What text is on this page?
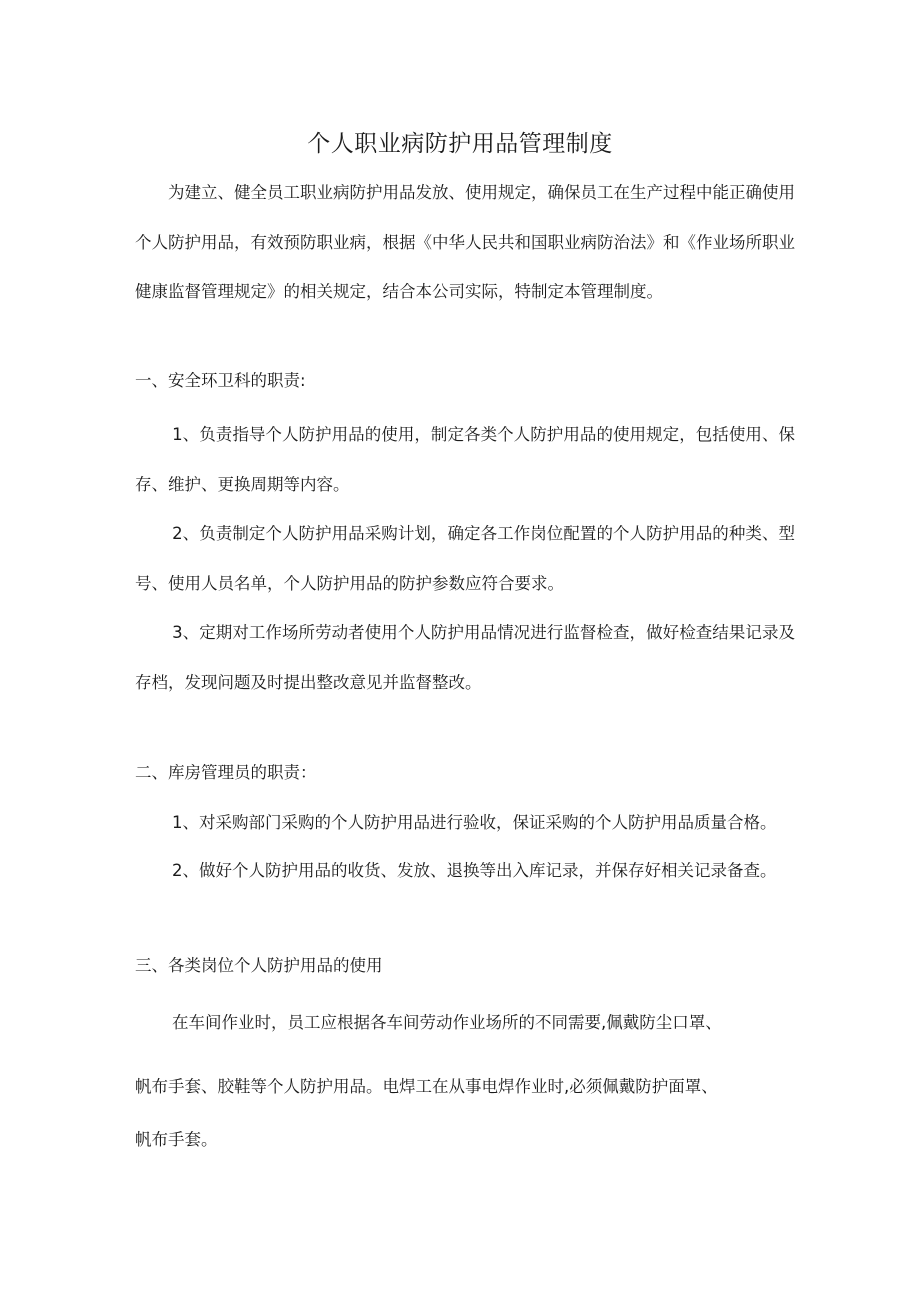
个人职业病防护用品管理制度

为建立、健全员工职业病防护用品发放、使用规定，确保员工在生产过程中能正确使用个人防护用品，有效预防职业病，根据《中华人民共和国职业病防治法》和《作业场所职业健康监督管理规定》的相关规定，结合本公司实际，特制定本管理制度。

一、安全环卫科的职责:

1、负责指导个人防护用品的使用，制定各类个人防护用品的使用规定，包括使用、保存、维护、更换周期等内容。

2、负责制定个人防护用品采购计划，确定各工作岗位配置的个人防护用品的种类、型号、使用人员名单，个人防护用品的防护参数应符合要求。

3、定期对工作场所劳动者使用个人防护用品情况进行监督检查，做好检查结果记录及存档，发现问题及时提出整改意见并监督整改。

二、库房管理员的职责：

1、对采购部门采购的个人防护用品进行验收，保证采购的个人防护用品质量合格。

2、做好个人防护用品的收货、发放、退换等出入库记录，并保存好相关记录备查。

三、各类岗位个人防护用品的使用

在车间作业时，员工应根据各车间劳动作业场所的不同需要,佩戴防尘口罩、

帆布手套、胶鞋等个人防护用品。电焊工在从事电焊作业时,必须佩戴防护面罩、

帆布手套。
